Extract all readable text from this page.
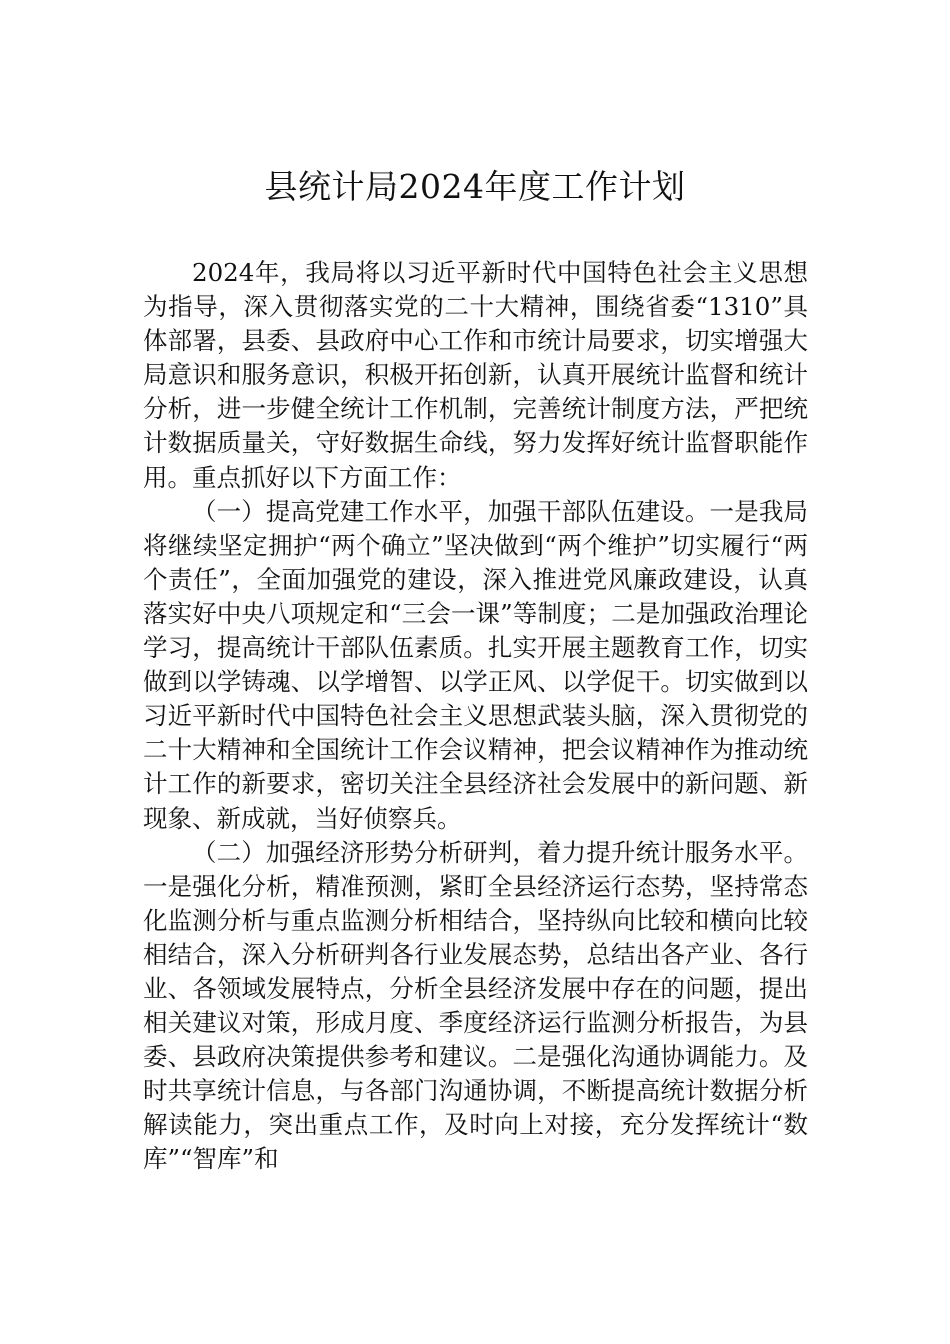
县统计局2024年度工作计划

2024年，我局将以习近平新时代中国特色社会主义思想为指导，深入贯彻落实党的二十大精神，围绕省委“1310”具体部署，县委、县政府中心工作和市统计局要求，切实增强大局意识和服务意识，积极开拓创新，认真开展统计监督和统计分析，进一步健全统计工作机制，完善统计制度方法，严把统计数据质量关，守好数据生命线，努力发挥好统计监督职能作用。重点抓好以下方面工作：

（一）提高党建工作水平，加强干部队伍建设。一是我局将继续坚定拥护“两个确立”坚决做到“两个维护”切实履行“两个责任”，全面加强党的建设，深入推进党风廉政建设，认真落实好中央八项规定和“三会一课”等制度；二是加强政治理论学习，提高统计干部队伍素质。扎实开展主题教育工作，切实做到以学铸魂、以学增智、以学正风、以学促干。切实做到以习近平新时代中国特色社会主义思想武装头脑，深入贯彻党的二十大精神和全国统计工作会议精神，把会议精神作为推动统计工作的新要求，密切关注全县经济社会发展中的新问题、新现象、新成就，当好侦察兵。

（二）加强经济形势分析研判，着力提升统计服务水平。一是强化分析，精准预测，紧盯全县经济运行态势，坚持常态化监测分析与重点监测分析相结合，坚持纵向比较和横向比较相结合，深入分析研判各行业发展态势，总结出各产业、各行业、各领域发展特点，分析全县经济发展中存在的问题，提出相关建议对策，形成月度、季度经济运行监测分析报告，为县委、县政府决策提供参考和建议。二是强化沟通协调能力。及时共享统计信息，与各部门沟通协调，不断提高统计数据分析解读能力，突出重点工作，及时向上对接，充分发挥统计“数库”“智库”和
